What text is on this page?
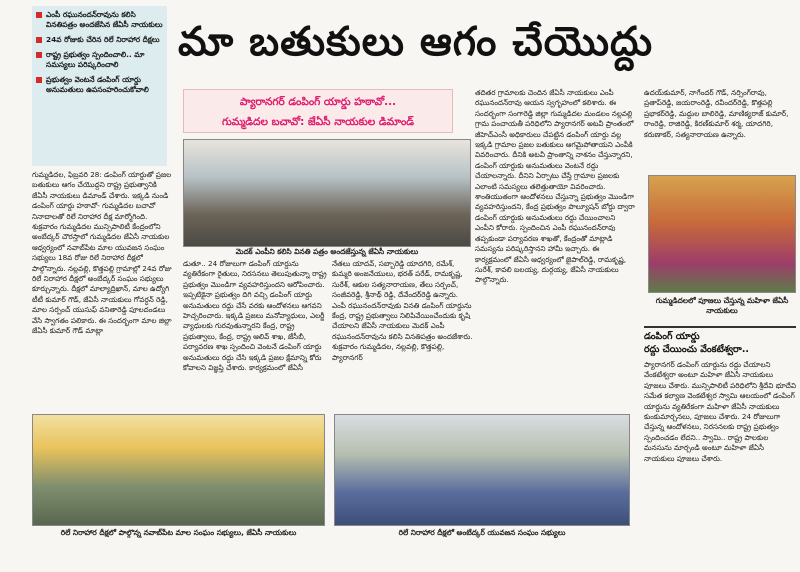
ఎంపీ రఘునందన్‌రావును కలిసి వినతిపత్రం అందజేసిన జేఏసీ నాయకులు
24వ రోజుకు చేరిన రిలే నిరాహార దీక్షలు
రాష్ట్ర ప్రభుత్వం స్పందించాలి.. మా సమస్యలు పరిష్కరించాలి
ప్రభుత్వం వెంటనే డంపింగ్ యార్డు అనుమతులు ఉపసంహరించుకోవాలి
మా బతుకులు ఆగం చేయొద్దు
ప్యారానగర్ డంపింగ్ యార్డు హఠావో...
గుమ్మడిదల బచావో: జేఏసీ నాయకుల డిమాండ్
మెదక్ ఎంపీని కలిసి వినతి పత్రం అందజేస్తున్న జేఏసీ నాయకులు

గుమ్మడిదల, ఫిబ్రవరి 28: డంపింగ్ యార్డుతో ప్రజల బతుకులు ఆగం చేయొద్దని రాష్ట్ర ప్రభుత్వానికి జేఏసీ నాయకులు డిమాండ్ చేశారు. ఇక్కడి నుండి డంపింగ్ యార్డు హఠావో- గుమ్మడిదల బచావో నినాదాలతో రిలే నిరాహార దీక్ష మార్మోగింది. శుక్రవారం గుమ్మడిదల మున్సిపాలిటీ కేంద్రంలోని అంబేద్కర్ చౌరస్తాలో గుమ్మడిదల జేఏసీ నాయకుల ఆధ్వర్యంలో నవాబ్‌పేట మాల యువజన సంఘం సభ్యులు 18వ రోజు రిలే నిరాహార దీక్షలో పాల్గొన్నారు. నల్లవల్లి, కొత్తపల్లి గ్రామాల్లో 24వ రోజు రిలే నిరాహార దీక్షలో అంబేద్కర్ సంఘం సభ్యులు కూర్చున్నారు. దీక్షలో మాల్యాద్రిఖాన్, మాల ఉద్యోగి టీటీ కుమార్ గౌడ్, జేఏసీ నాయకులు గోవర్ధన్ రెడ్డి, మాల సర్పంచ్ యుసుఫ్ వనితారెడ్డి పూలదండలు వేసి స్వాగతం పలికారు. ఈ సందర్భంగా మాల జిల్లా జేఏసీ కుమార్ గౌడ్ మాట్లా

డుతూ.. 24 రోజులుగా డంపింగ్ యార్డును వ్యతిరేకంగా రైతులు, నిరసనలు తెలుపుతున్నా రాష్ట్ర ప్రభుత్వం మొండిగా వ్యవహరిస్తుందని ఆరోపించారు. ఇప్పటికైనా ప్రభుత్వం దిగి వచ్చి డంపింగ్ యార్డు అనుమతులు రద్దు చేసే వరకు ఆందోళనలు ఆగవని హెచ్చరించారు. ఇక్కడి ప్రజలు మనోవ్యాధులు, ఎలర్జీ వ్యాధులకు గురవుతున్నారని కేంద్ర, రాష్ట్ర ప్రభుత్వాలు, కేంద్ర, రాష్ట్ర ఆలివ్ శాఖ, జేసీబీ, పర్యావరణ శాఖ స్పందించి వెంటనే డంపింగ్ యార్డు అనుమతులు రద్దు చేసి ఇక్కడి ప్రజల క్షేమాన్ని కోరు కోవాలని విజ్ఞప్తి చేశారు. కార్యక్రమంలో జేఏసీ

నేతలు యాదవ్, సబ్బారెడ్డి యాదగిరి, రమేశ్, కుమ్మరి అంజనేయులు, భరత్ పరేడ్, రామకృష్ణ, సురేశ్, ఆకుల సత్యనారాయణ, తేలు సర్పంచ్, సంజీవరెడ్డి, శ్రీనాథ్ రెడ్డి, దేవేందర్‌రెడ్డి ఉన్నారు. ఎంపీ రఘునందన్‌రావుకు వినతి డంపింగ్ యార్డును కేంద్ర, రాష్ట్ర ప్రభుత్వాలు నిలిపివేయించేందుకు కృషి చేయాలని జేఏసీ నాయకులు మెదక్ ఎంపీ రఘునందన్‌రావును కలిసి వినతిపత్రం అందజేశారు. శుక్రవారం గుమ్మడిదల, నల్లవల్లి, కొత్తపల్లి, ప్యారానగర్

తదితర గ్రామాలకు చెందిన జేఏసీ నాయకులు ఎంపీ రఘునందన్‌రావు ఆయన స్వగృహంలో కలిశారు. ఈ సందర్భంగా సంగారెడ్డి జిల్లా గుమ్మడిదల మండలం నల్లవల్లి గ్రామ పంచాయతీ పరిధిలోని ప్యారానగర్ అటవీ ప్రాంతంలో జీహెచ్ఎంసీ అధికారులు చేపట్టిన డంపింగ్ యార్డు వల్ల ఇక్కడి గ్రామాల ప్రజల బతుకులు ఆగమైపోతాయని ఎంపీకి వివరించారు. దీనికి అటవీ ప్రాంతాన్ని నాశనం చేస్తున్నారని, డంపింగ్ యార్డుకు అనుమతులు వెంటనే రద్దు చేయాలన్నారు. దీనిని ఏర్పాటు చేస్తే గ్రామాల ప్రజలకు ఎలాంటి సమస్యలు తలెత్తుతాయో వివరించారు. శాంతియుతంగా ఆందోళనలు చేస్తున్నా ప్రభుత్వం మొండిగా వ్యవహరిస్తుందని, కేంద్ర ప్రభుత్వం పొల్యూషన్ బోర్డు ద్వారా డంపింగ్ యార్డుకు అనుమతులు రద్దు చేయించాలని ఎంపీని కోరారు. స్పందించిన ఎంపీ రఘునందన్‌రావు తప్పకుండా పర్యావరణ శాఖతో, కేంద్రంతో మాట్లాడి సమస్యను పరిష్కరిస్తానని హామీ ఇచ్చారు. ఈ కార్యక్రమంలో జేఏసీ ఆధ్వర్యంలో జైపాల్‌రెడ్డి, రామకృష్ణ, సురేశ్, కావలి బలయ్య, దుర్గయ్య, జేఏసీ నాయకులు పాల్గొన్నారు.

ఉదయ్‌కుమార్, నాగేందర్ గౌడ్, నర్సింగ్‌రావు, ప్రతాప్‌రెడ్డి, జయరాంరెడ్డి, రవీందర్‌రెడ్డి, కొత్తపల్లి ప్రభాకర్‌రెడ్డి, మద్దుల బాలిరెడ్డి, మాణిక్యరాజ్ కుమార్, రాంరెడ్డి, రాజిరెడ్డి, కిరణ్‌కుమార్ శర్మ, యాదగిరి, కరుణాకర్, సత్యనారాయణ ఉన్నారు.

గుమ్మడిదలలో పూజలు చేస్తున్న మహిళా జేఏసీ నాయకులు
డంపింగ్ యార్డు
రద్దు చేయించు వేంకటేశ్వరా..

ప్యారానగర్ డంపింగ్ యార్డును రద్దు చేయాలని వేంకటేశ్వరా అంటూ మహిళా జేఏసీ నాయకులు పూజలు చేశారు. మున్సిపాలిటీ పరిధిలోని శ్రీదేవి భూదేవి సమేత కల్యాణ వెంకటేశ్వర స్వామి ఆలయంలో డంపింగ్ యార్డును వ్యతిరేకంగా మహిళా జేఏసీ నాయకులు కుంకుమార్చనలు, పూజలు చేశారు. 24 రోజులుగా చేస్తున్న ఆందోళనలు, నిరసనలకు రాష్ట్ర ప్రభుత్వం స్పందించడం లేదని.. స్వామి.. రాష్ట్ర పాలకుల మనసును మార్చండి అంటూ మహిళా జేఏసీ నాయకులు పూజలు చేశారు.

రిలే నిరాహార దీక్షలో పాల్గొన్న నవాబ్‌పేట మాల సంఘం సభ్యులు, జేఏసీ నాయకులు	రిలే నిరాహార దీక్షలో అంబేద్కర్ యువజన సంఘం సభ్యులు
